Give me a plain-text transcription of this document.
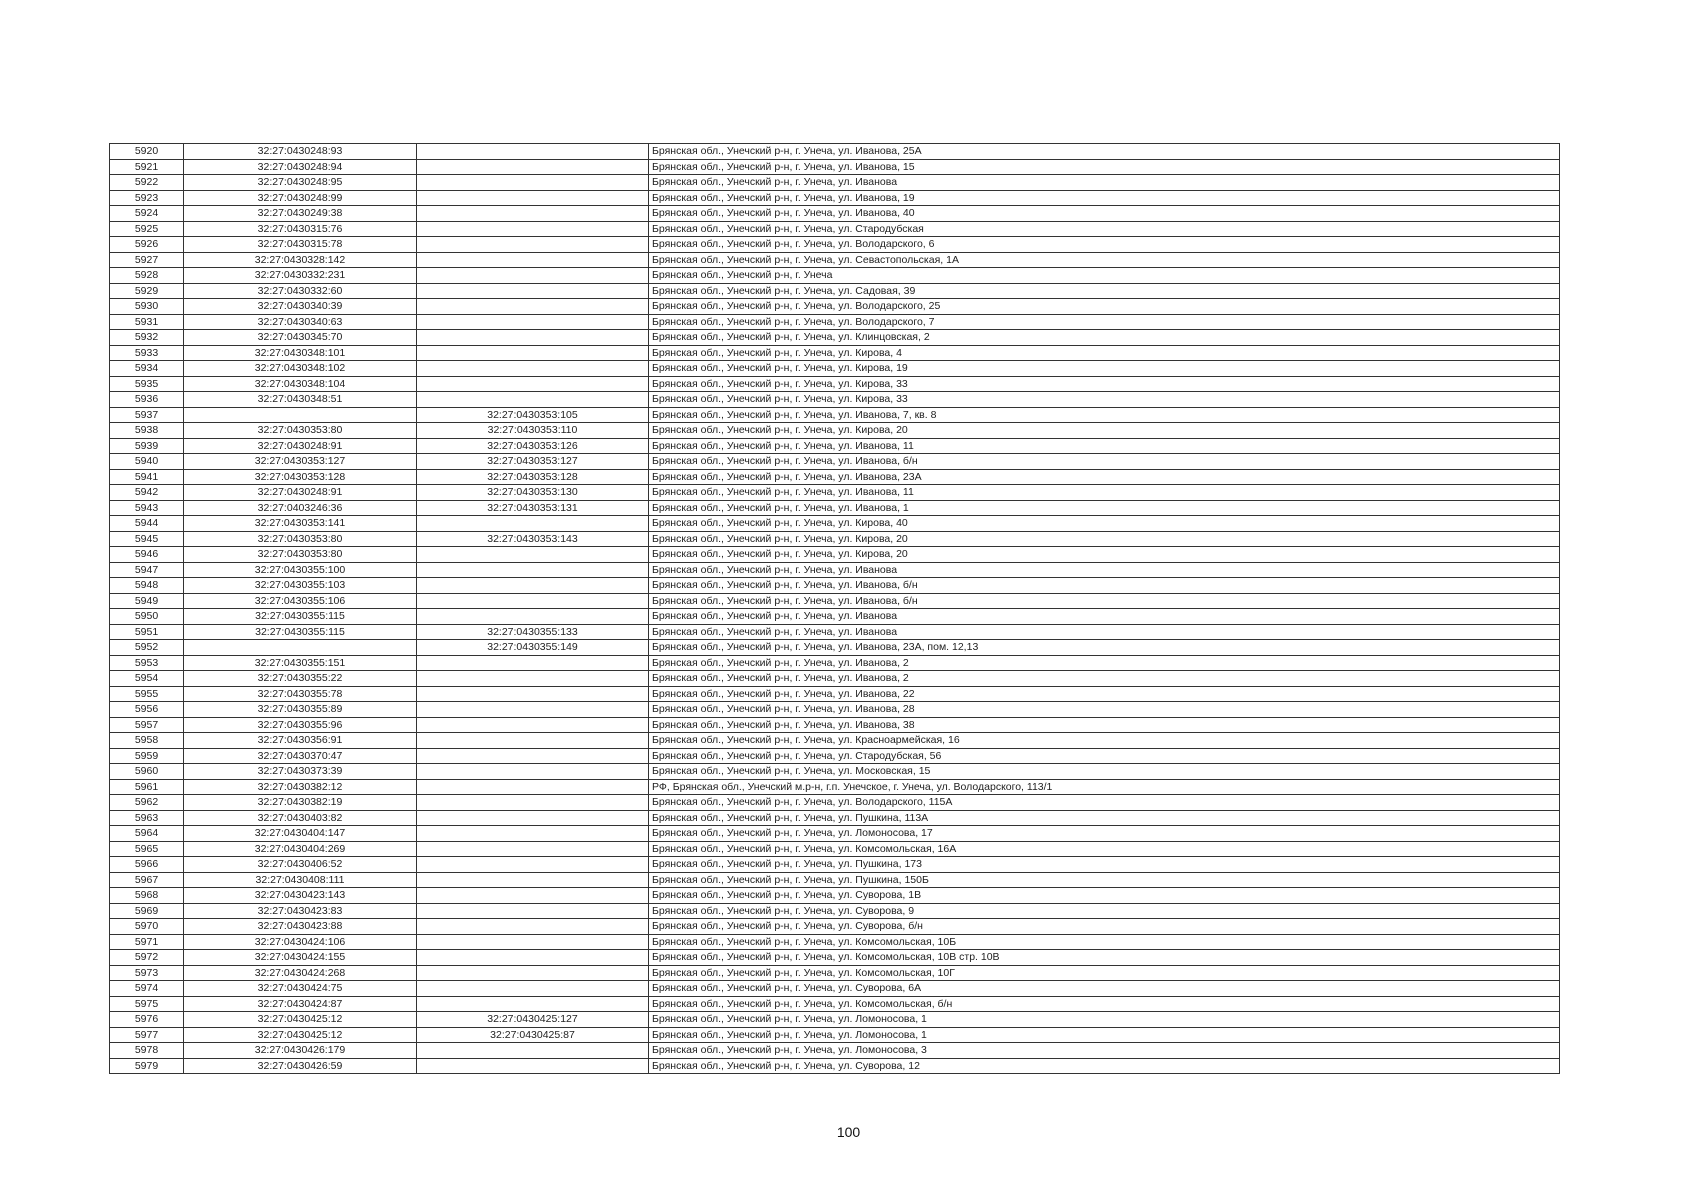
5920	32:27:0430248:93		Брянская обл., Унечский р-н, г. Унеча, ул. Иванова, 25А
5921	32:27:0430248:94		Брянская обл., Унечский р-н, г. Унеча, ул. Иванова, 15
5922	32:27:0430248:95		Брянская обл., Унечский р-н, г. Унеча, ул. Иванова
5923	32:27:0430248:99		Брянская обл., Унечский р-н, г. Унеча, ул. Иванова, 19
5924	32:27:0430249:38		Брянская обл., Унечский р-н, г. Унеча, ул. Иванова, 40
5925	32:27:0430315:76		Брянская обл., Унечский р-н, г. Унеча, ул. Стародубская
5926	32:27:0430315:78		Брянская обл., Унечский р-н, г. Унеча, ул. Володарского, 6
5927	32:27:0430328:142		Брянская обл., Унечский р-н, г. Унеча, ул. Севастопольская, 1А
5928	32:27:0430332:231		Брянская обл., Унечский р-н, г. Унеча
5929	32:27:0430332:60		Брянская обл., Унечский р-н, г. Унеча, ул. Садовая, 39
5930	32:27:0430340:39		Брянская обл., Унечский р-н, г. Унеча, ул. Володарского, 25
5931	32:27:0430340:63		Брянская обл., Унечский р-н, г. Унеча, ул. Володарского, 7
5932	32:27:0430345:70		Брянская обл., Унечский р-н, г. Унеча, ул. Клинцовская, 2
5933	32:27:0430348:101		Брянская обл., Унечский р-н, г. Унеча, ул. Кирова, 4
5934	32:27:0430348:102		Брянская обл., Унечский р-н, г. Унеча, ул. Кирова, 19
5935	32:27:0430348:104		Брянская обл., Унечский р-н, г. Унеча, ул. Кирова, 33
5936	32:27:0430348:51		Брянская обл., Унечский р-н, г. Унеча, ул. Кирова, 33
5937		32:27:0430353:105	Брянская обл., Унечский р-н, г. Унеча, ул. Иванова, 7, кв. 8
5938	32:27:0430353:80	32:27:0430353:110	Брянская обл., Унечский р-н, г. Унеча, ул. Кирова, 20
5939	32:27:0430248:91	32:27:0430353:126	Брянская обл., Унечский р-н, г. Унеча, ул. Иванова, 11
5940	32:27:0430353:127	32:27:0430353:127	Брянская обл., Унечский р-н, г. Унеча, ул. Иванова, б/н
5941	32:27:0430353:128	32:27:0430353:128	Брянская обл., Унечский р-н, г. Унеча, ул. Иванова, 23А
5942	32:27:0430248:91	32:27:0430353:130	Брянская обл., Унечский р-н, г. Унеча, ул. Иванова, 11
5943	32:27:0403246:36	32:27:0430353:131	Брянская обл., Унечский р-н, г. Унеча, ул. Иванова, 1
5944	32:27:0430353:141		Брянская обл., Унечский р-н, г. Унеча, ул. Кирова, 40
5945	32:27:0430353:80	32:27:0430353:143	Брянская обл., Унечский р-н, г. Унеча, ул. Кирова, 20
5946	32:27:0430353:80		Брянская обл., Унечский р-н, г. Унеча, ул. Кирова, 20
5947	32:27:0430355:100		Брянская обл., Унечский р-н, г. Унеча, ул. Иванова
5948	32:27:0430355:103		Брянская обл., Унечский р-н, г. Унеча, ул. Иванова, б/н
5949	32:27:0430355:106		Брянская обл., Унечский р-н, г. Унеча, ул. Иванова, б/н
5950	32:27:0430355:115		Брянская обл., Унечский р-н, г. Унеча, ул. Иванова
5951	32:27:0430355:115	32:27:0430355:133	Брянская обл., Унечский р-н, г. Унеча, ул. Иванова
5952		32:27:0430355:149	Брянская обл., Унечский р-н, г. Унеча, ул. Иванова, 23А, пом. 12,13
5953	32:27:0430355:151		Брянская обл., Унечский р-н, г. Унеча, ул. Иванова, 2
5954	32:27:0430355:22		Брянская обл., Унечский р-н, г. Унеча, ул. Иванова, 2
5955	32:27:0430355:78		Брянская обл., Унечский р-н, г. Унеча, ул. Иванова, 22
5956	32:27:0430355:89		Брянская обл., Унечский р-н, г. Унеча, ул. Иванова, 28
5957	32:27:0430355:96		Брянская обл., Унечский р-н, г. Унеча, ул. Иванова, 38
5958	32:27:0430356:91		Брянская обл., Унечский р-н, г. Унеча, ул. Красноармейская, 16
5959	32:27:0430370:47		Брянская обл., Унечский р-н, г. Унеча, ул. Стародубская, 56
5960	32:27:0430373:39		Брянская обл., Унечский р-н, г. Унеча, ул. Московская, 15
5961	32:27:0430382:12		РФ, Брянская обл., Унечский м.р-н, г.п. Унечское, г. Унеча, ул. Володарского, 113/1
5962	32:27:0430382:19		Брянская обл., Унечский р-н, г. Унеча, ул. Володарского, 115А
5963	32:27:0430403:82		Брянская обл., Унечский р-н, г. Унеча, ул. Пушкина, 113А
5964	32:27:0430404:147		Брянская обл., Унечский р-н, г. Унеча, ул. Ломоносова, 17
5965	32:27:0430404:269		Брянская обл., Унечский р-н, г. Унеча, ул. Комсомольская, 16А
5966	32:27:0430406:52		Брянская обл., Унечский р-н, г. Унеча, ул. Пушкина, 173
5967	32:27:0430408:111		Брянская обл., Унечский р-н, г. Унеча, ул. Пушкина, 150Б
5968	32:27:0430423:143		Брянская обл., Унечский р-н, г. Унеча, ул. Суворова, 1В
5969	32:27:0430423:83		Брянская обл., Унечский р-н, г. Унеча, ул. Суворова, 9
5970	32:27:0430423:88		Брянская обл., Унечский р-н, г. Унеча, ул. Суворова, б/н
5971	32:27:0430424:106		Брянская обл., Унечский р-н, г. Унеча, ул. Комсомольская, 10Б
5972	32:27:0430424:155		Брянская обл., Унечский р-н, г. Унеча, ул. Комсомольская, 10В стр. 10В
5973	32:27:0430424:268		Брянская обл., Унечский р-н, г. Унеча, ул. Комсомольская, 10Г
5974	32:27:0430424:75		Брянская обл., Унечский р-н, г. Унеча, ул. Суворова, 6А
5975	32:27:0430424:87		Брянская обл., Унечский р-н, г. Унеча, ул. Комсомольская, б/н
5976	32:27:0430425:12	32:27:0430425:127	Брянская обл., Унечский р-н, г. Унеча, ул. Ломоносова, 1
5977	32:27:0430425:12	32:27:0430425:87	Брянская обл., Унечский р-н, г. Унеча, ул. Ломоносова, 1
5978	32:27:0430426:179		Брянская обл., Унечский р-н, г. Унеча, ул. Ломоносова, 3
5979	32:27:0430426:59		Брянская обл., Унечский р-н, г. Унеча, ул. Суворова, 12
100
